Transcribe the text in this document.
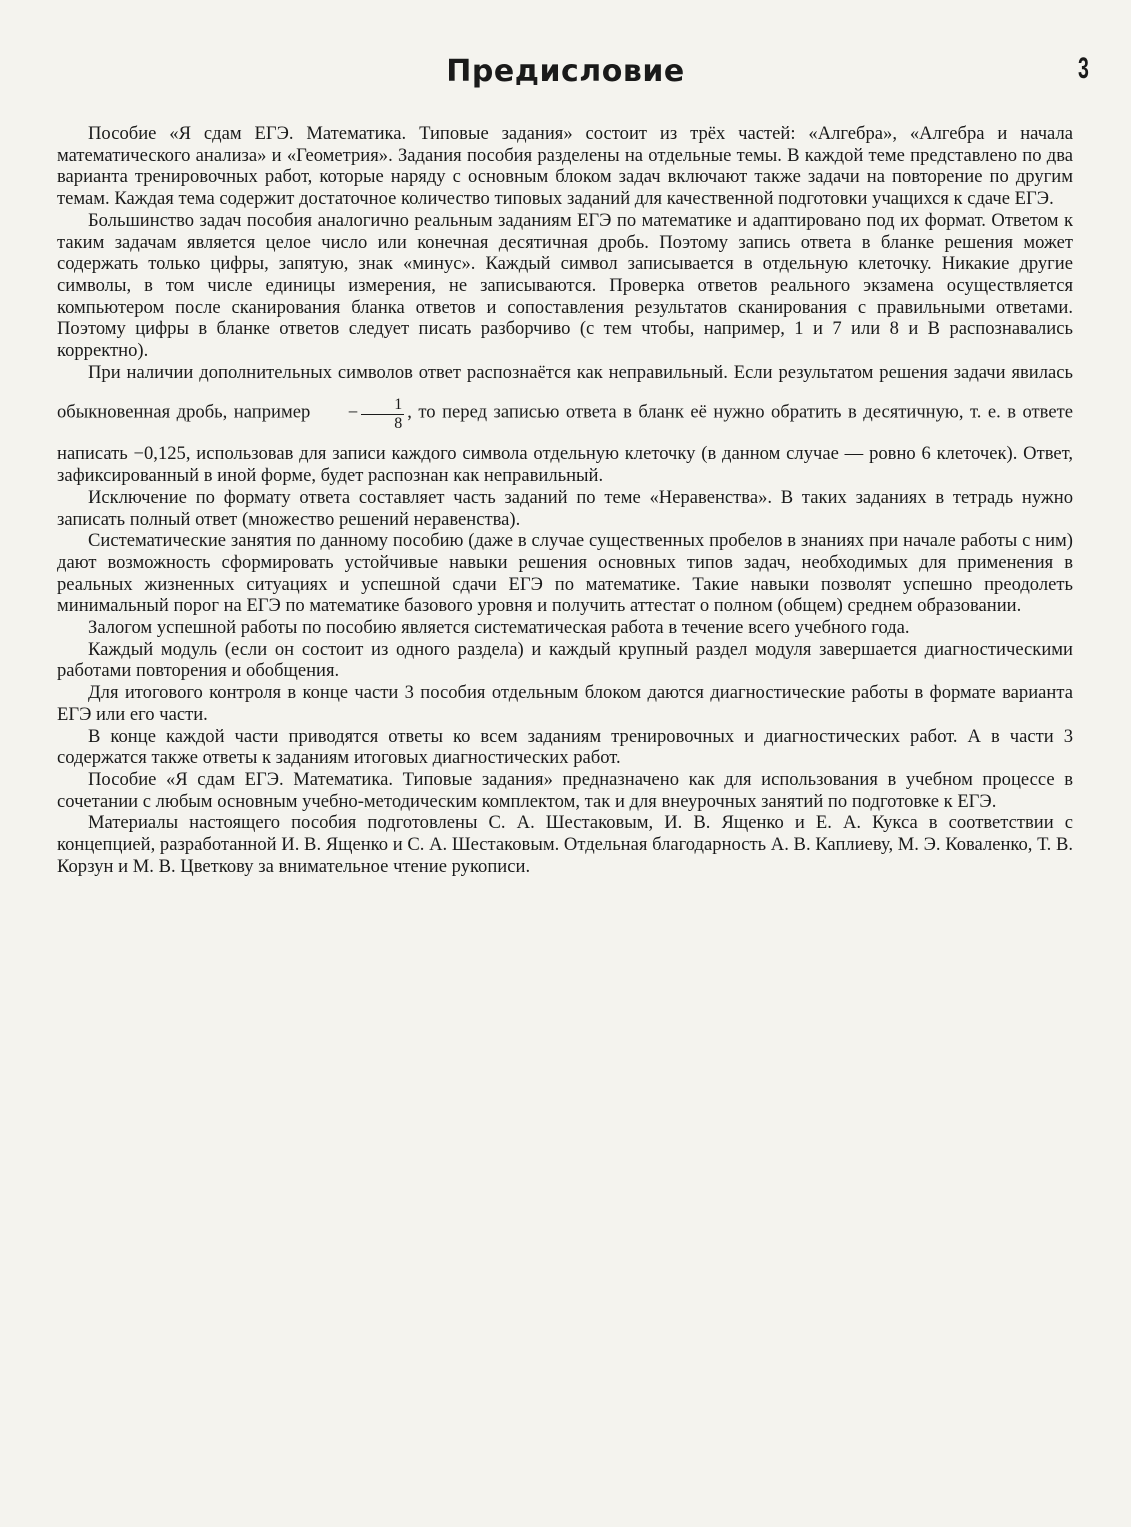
3
Предисловие

Пособие «Я сдам ЕГЭ. Математика. Типовые задания» состоит из трёх частей: «Алгебра», «Алгебра и начала математического анализа» и «Геометрия». Задания пособия разделены на отдельные темы. В каждой теме представлено по два варианта тренировочных работ, которые наряду с основным блоком задач включают также задачи на повторение по другим темам. Каждая тема содержит достаточное количество типовых заданий для качественной подготовки учащихся к сдаче ЕГЭ.

Большинство задач пособия аналогично реальным заданиям ЕГЭ по математике и адаптировано под их формат. Ответом к таким задачам является целое число или конечная десятичная дробь. Поэтому запись ответа в бланке решения может содержать только цифры, запятую, знак «минус». Каждый символ записывается в отдельную клеточку. Никакие другие символы, в том числе единицы измерения, не записываются. Проверка ответов реального экзамена осуществляется компьютером после сканирования бланка ответов и сопоставления результатов сканирования с правильными ответами. Поэтому цифры в бланке ответов следует писать разборчиво (с тем чтобы, например, 1 и 7 или 8 и В распознавались корректно).

При наличии дополнительных символов ответ распознаётся как неправильный. Если результатом решения задачи явилась обыкновенная дробь, например − $\frac{1}{8}$ , то перед записью ответа в бланк её нужно обратить в десятичную, т. е. в ответе написать −0,125, использовав для записи каждого символа отдельную клеточку (в данном случае — ровно 6 клеточек). Ответ, зафиксированный в иной форме, будет распознан как неправильный.

Исключение по формату ответа составляет часть заданий по теме «Неравенства». В таких заданиях в тетрадь нужно записать полный ответ (множество решений неравенства).

Систематические занятия по данному пособию (даже в случае существенных пробелов в знаниях при начале работы с ним) дают возможность сформировать устойчивые навыки решения основных типов задач, необходимых для применения в реальных жизненных ситуациях и успешной сдачи ЕГЭ по математике. Такие навыки позволят успешно преодолеть минимальный порог на ЕГЭ по математике базового уровня и получить аттестат о полном (общем) среднем образовании.

Залогом успешной работы по пособию является систематическая работа в течение всего учебного года.

Каждый модуль (если он состоит из одного раздела) и каждый крупный раздел модуля завершается диагностическими работами повторения и обобщения.

Для итогового контроля в конце части 3 пособия отдельным блоком даются диагностические работы в формате варианта ЕГЭ или его части.

В конце каждой части приводятся ответы ко всем заданиям тренировочных и диагностических работ. А в части 3 содержатся также ответы к заданиям итоговых диагностических работ.

Пособие «Я сдам ЕГЭ. Математика. Типовые задания» предназначено как для использования в учебном процессе в сочетании с любым основным учебно-методическим комплектом, так и для внеурочных занятий по подготовке к ЕГЭ.

Материалы настоящего пособия подготовлены С. А. Шестаковым, И. В. Ященко и Е. А. Кукса в соответствии с концепцией, разработанной И. В. Ященко и С. А. Шестаковым. Отдельная благодарность А. В. Каплиеву, М. Э. Коваленко, Т. В. Корзун и М. В. Цветкову за внимательное чтение рукописи.
